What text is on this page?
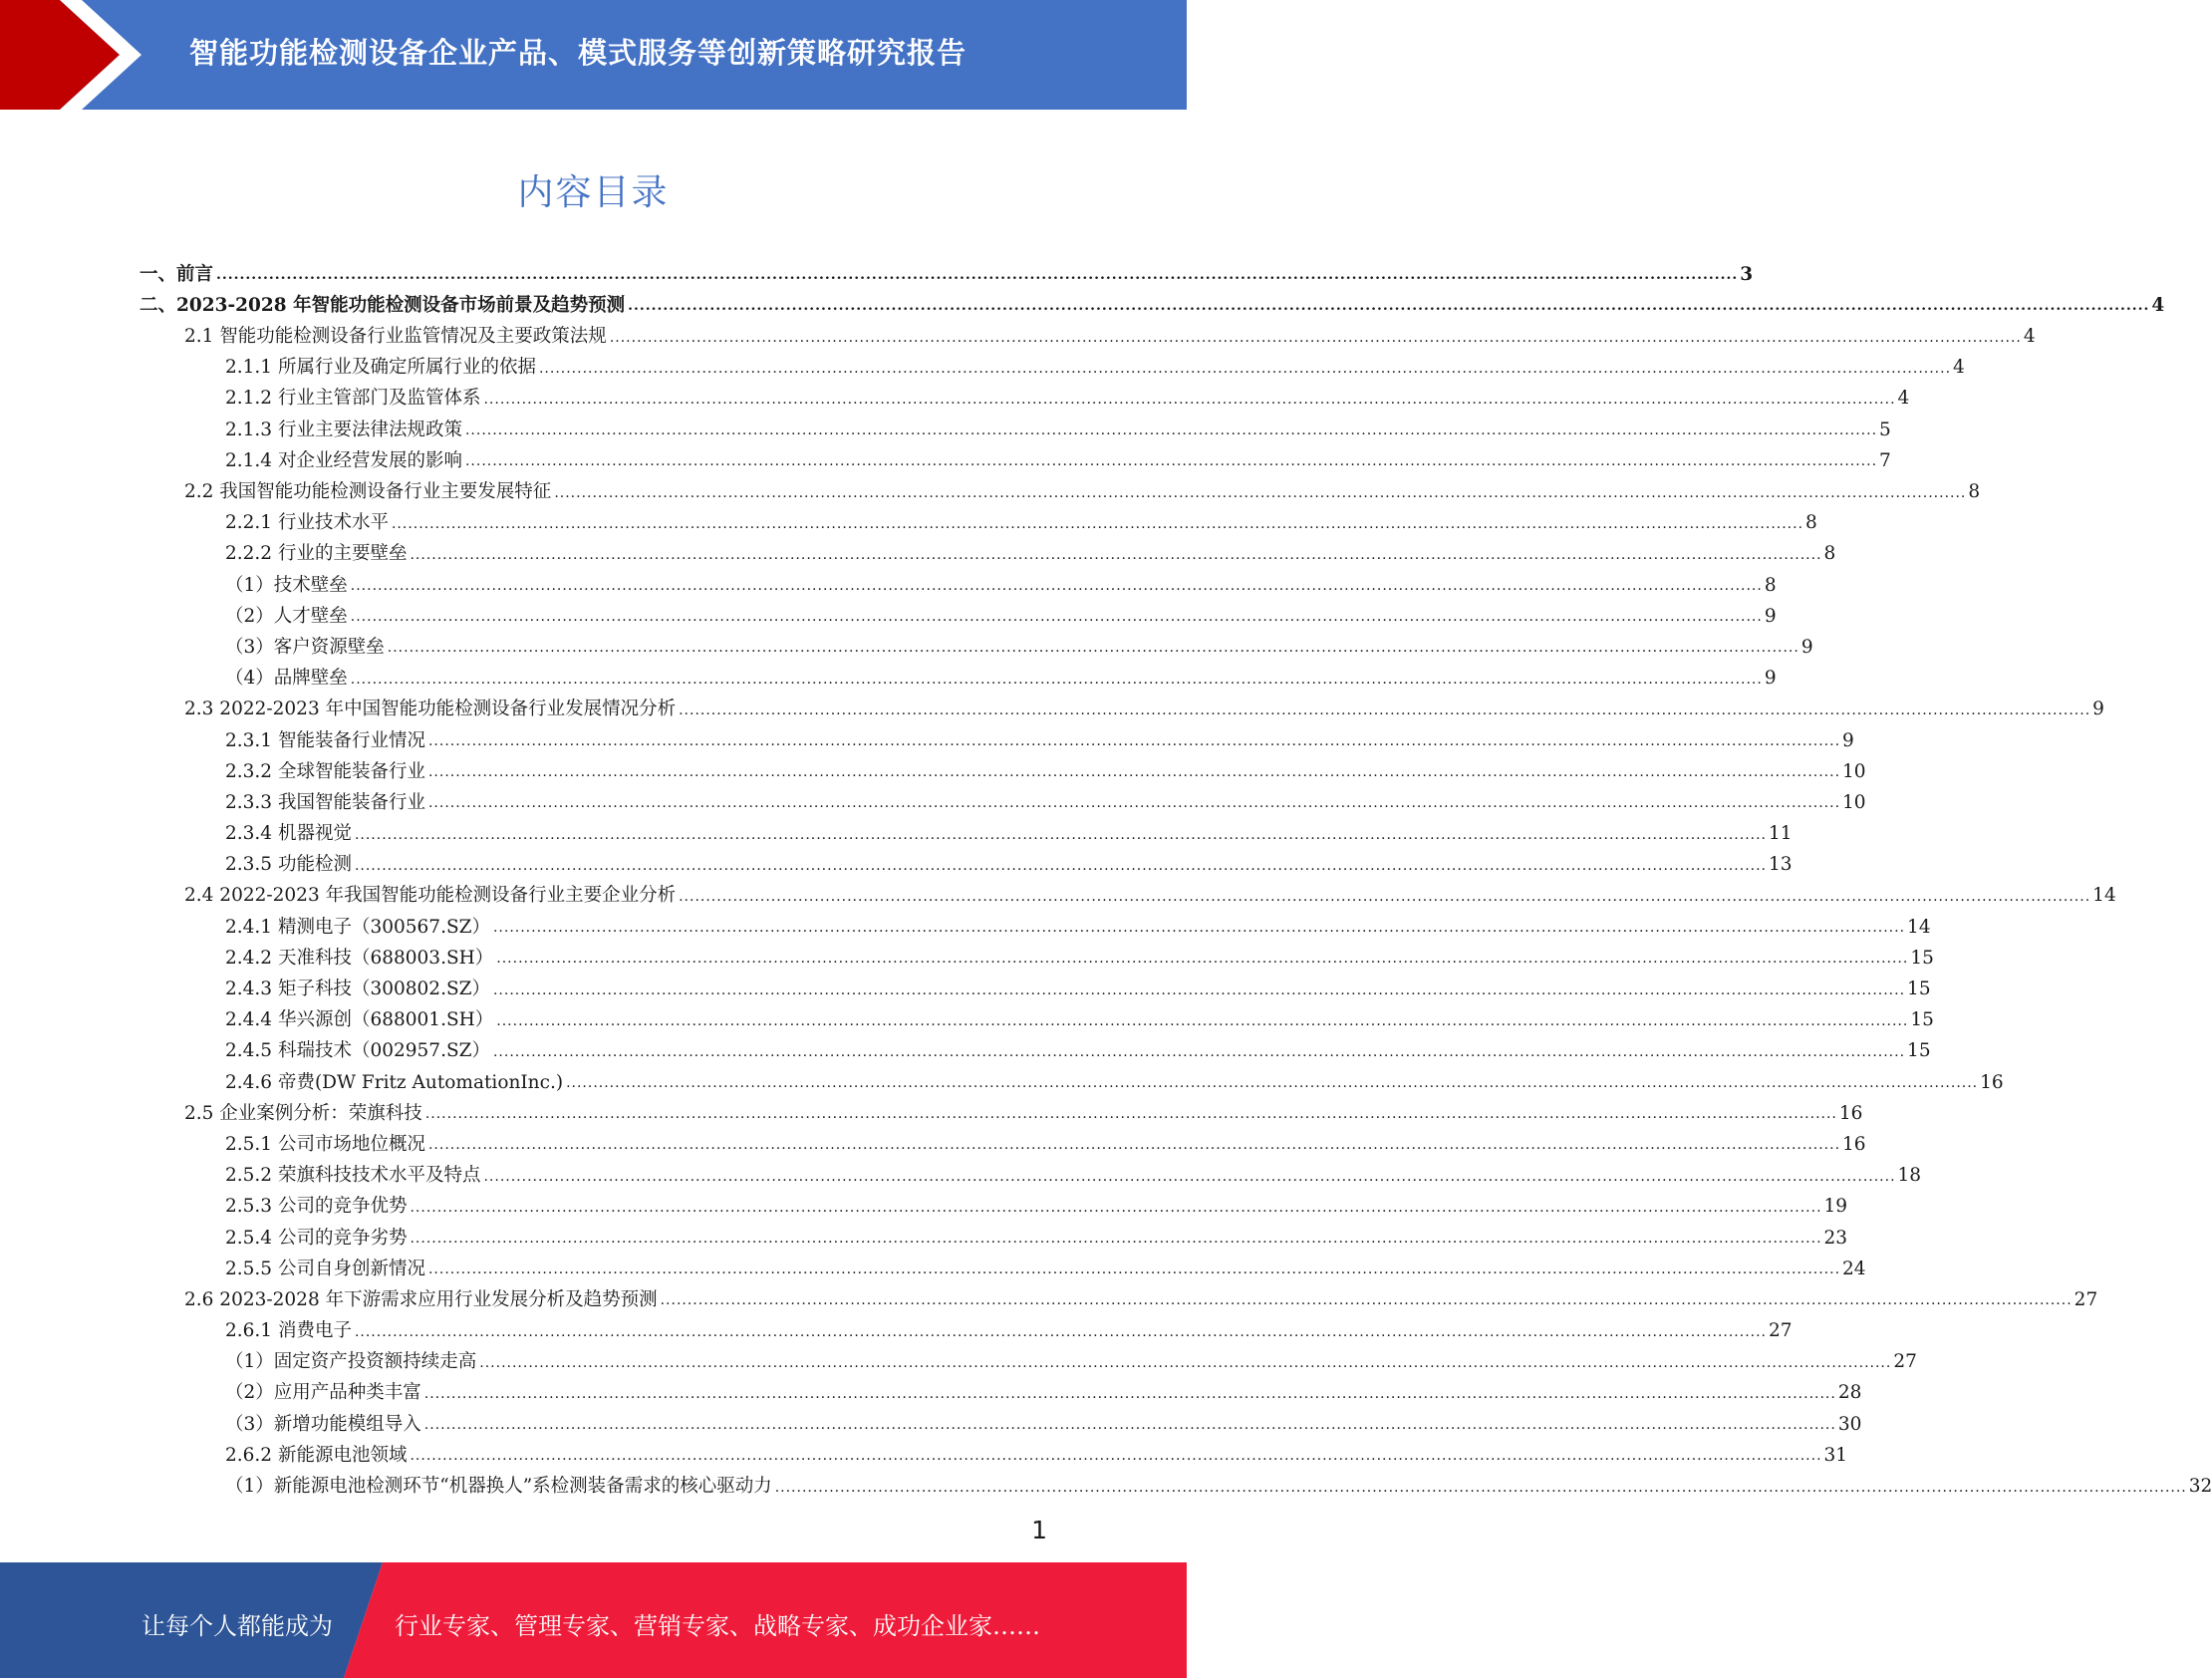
智能功能检测设备企业产品、模式服务等创新策略研究报告
内容目录
一、前言 .................................................................................................................................................................................................................................................................... 3
二、2023-2028 年智能功能检测设备市场前景及趋势预测 .................................................................................................................................................................................................................................................................... 4
2.1 智能功能检测设备行业监管情况及主要政策法规 .................................................................................................................................................................................................................................................................... 4
2.1.1 所属行业及确定所属行业的依据 .................................................................................................................................................................................................................................................................... 4
2.1.2 行业主管部门及监管体系 .................................................................................................................................................................................................................................................................... 4
2.1.3 行业主要法律法规政策 .................................................................................................................................................................................................................................................................... 5
2.1.4 对企业经营发展的影响 .................................................................................................................................................................................................................................................................... 7
2.2 我国智能功能检测设备行业主要发展特征 .................................................................................................................................................................................................................................................................... 8
2.2.1 行业技术水平 .................................................................................................................................................................................................................................................................... 8
2.2.2 行业的主要壁垒 .................................................................................................................................................................................................................................................................... 8
（1）技术壁垒 .................................................................................................................................................................................................................................................................... 8
（2）人才壁垒 .................................................................................................................................................................................................................................................................... 9
（3）客户资源壁垒 .................................................................................................................................................................................................................................................................... 9
（4）品牌壁垒 .................................................................................................................................................................................................................................................................... 9
2.3 2022-2023 年中国智能功能检测设备行业发展情况分析 .................................................................................................................................................................................................................................................................... 9
2.3.1 智能装备行业情况 .................................................................................................................................................................................................................................................................... 9
2.3.2 全球智能装备行业 .................................................................................................................................................................................................................................................................... 10
2.3.3 我国智能装备行业 .................................................................................................................................................................................................................................................................... 10
2.3.4 机器视觉 .................................................................................................................................................................................................................................................................... 11
2.3.5 功能检测 .................................................................................................................................................................................................................................................................... 13
2.4 2022-2023 年我国智能功能检测设备行业主要企业分析 .................................................................................................................................................................................................................................................................... 14
2.4.1 精测电子（300567.SZ） .................................................................................................................................................................................................................................................................... 14
2.4.2 天准科技（688003.SH） .................................................................................................................................................................................................................................................................... 15
2.4.3 矩子科技（300802.SZ） .................................................................................................................................................................................................................................................................... 15
2.4.4 华兴源创（688001.SH） .................................................................................................................................................................................................................................................................... 15
2.4.5 科瑞技术（002957.SZ） .................................................................................................................................................................................................................................................................... 15
2.4.6 帝费(DW Fritz AutomationInc.) .................................................................................................................................................................................................................................................................... 16
2.5 企业案例分析：荣旗科技 .................................................................................................................................................................................................................................................................... 16
2.5.1 公司市场地位概况 .................................................................................................................................................................................................................................................................... 16
2.5.2 荣旗科技技术水平及特点 .................................................................................................................................................................................................................................................................... 18
2.5.3 公司的竞争优势 .................................................................................................................................................................................................................................................................... 19
2.5.4 公司的竞争劣势 .................................................................................................................................................................................................................................................................... 23
2.5.5 公司自身创新情况 .................................................................................................................................................................................................................................................................... 24
2.6 2023-2028 年下游需求应用行业发展分析及趋势预测 .................................................................................................................................................................................................................................................................... 27
2.6.1 消费电子 .................................................................................................................................................................................................................................................................... 27
（1）固定资产投资额持续走高 .................................................................................................................................................................................................................................................................... 27
（2）应用产品种类丰富 .................................................................................................................................................................................................................................................................... 28
（3）新增功能模组导入 .................................................................................................................................................................................................................................................................... 30
2.6.2 新能源电池领域 .................................................................................................................................................................................................................................................................... 31
（1）新能源电池检测环节“机器换人”系检测装备需求的核心驱动力 .................................................................................................................................................................................................................................................................... 32
1
让每个人都能成为	行业专家、管理专家、营销专家、战略专家、成功企业家……
